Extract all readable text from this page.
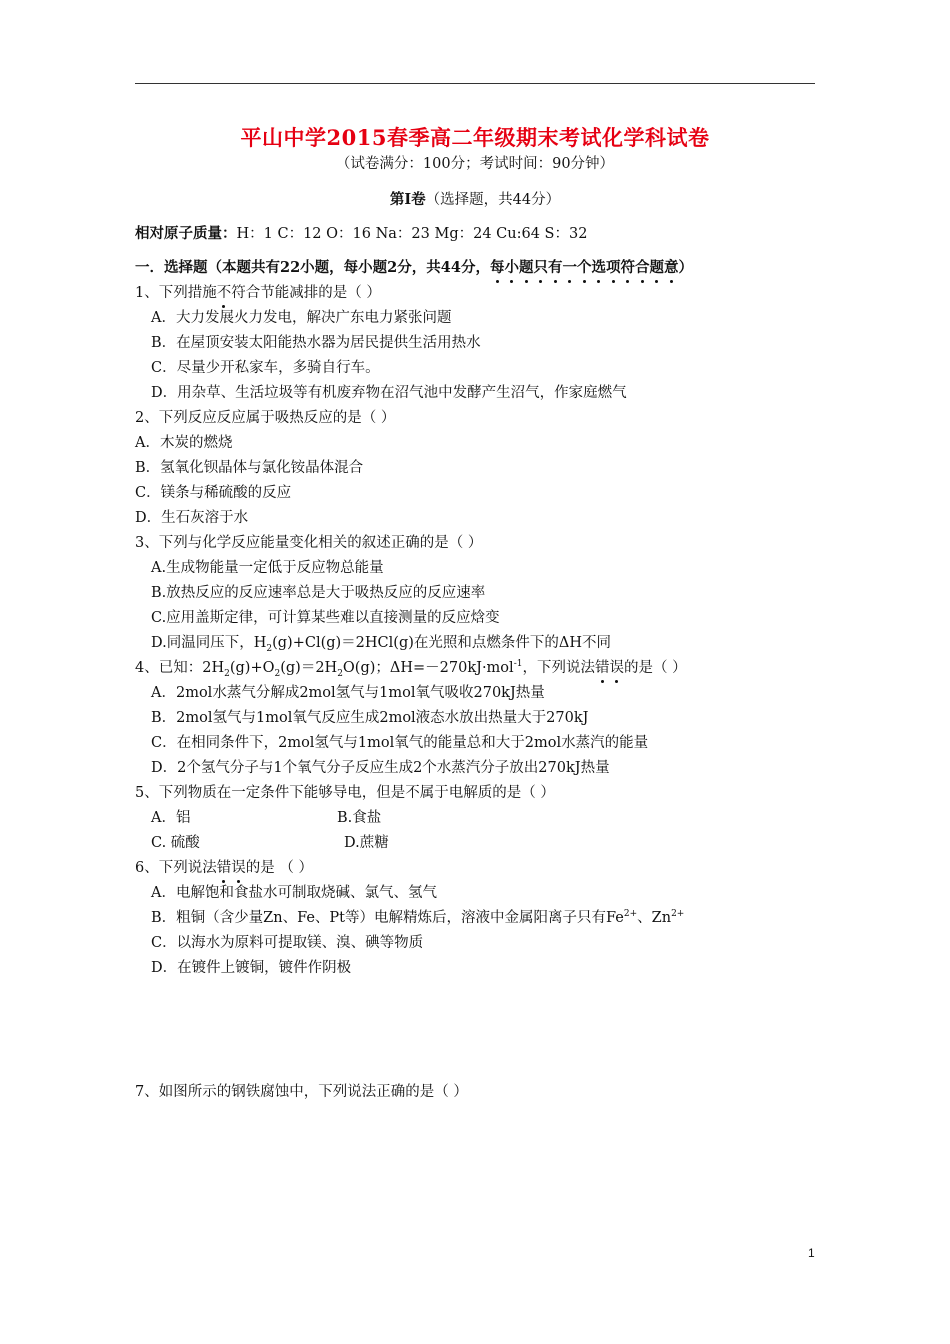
平山中学2015春季高二年级期末考试化学科试卷
（试卷满分：100分；考试时间：90分钟）
第Ⅰ卷（选择题，共44分）
相对原子质量：H：1 C：12 O：16 Na：23 Mg：24 Cu:64 S：32
一．选择题（本题共有22小题，每小题2分，共44分，每小题只有一个选项符合题意）
1、下列措施不符合节能减排的是（ ）
A．大力发展火力发电，解决广东电力紧张问题
B．在屋顶安装太阳能热水器为居民提供生活用热水
C．尽量少开私家车，多骑自行车。
D．用杂草、生活垃圾等有机废弃物在沼气池中发酵产生沼气，作家庭燃气
2、下列反应反应属于吸热反应的是（ ）
A．木炭的燃烧
B．氢氧化钡晶体与氯化铵晶体混合
C．镁条与稀硫酸的反应
D．生石灰溶于水
3、下列与化学反应能量变化相关的叙述正确的是（ ）
A.生成物能量一定低于反应物总能量
B.放热反应的反应速率总是大于吸热反应的反应速率
C.应用盖斯定律，可计算某些难以直接测量的反应焓变
D.同温同压下，$H_2(g)+Cl(g)=2HCl(g)$在光照和点燃条件下的ΔH不同
4、已知：$2H_2(g)+O_2(g)=2H_2O(g)$；ΔH=－270kJ·mol$^{-1}$，下列说法错误的是（ ）
A．2mol水蒸气分解成2mol氢气与1mol氧气吸收270kJ热量
B．2mol氢气与1mol氧气反应生成2mol液态水放出热量大于270kJ
C．在相同条件下，2mol氢气与1mol氧气的能量总和大于2mol水蒸汽的能量
D．2个氢气分子与1个氧气分子反应生成2个水蒸汽分子放出270kJ热量
5、下列物质在一定条件下能够导电，但是不属于电解质的是（ ）
A．铝	B.食盐
C. 硫酸	D.蔗糖
6、下列说法错误的是 （ ）
A．电解饱和食盐水可制取烧碱、氯气、氢气
B．粗铜（含少量Zn、Fe、Pt等）电解精炼后，溶液中金属阳离子只有$Fe^{2+}$、$Zn^{2+}$
C．以海水为原料可提取镁、溴、碘等物质
D．在镀件上镀铜，镀件作阴极
7、如图所示的钢铁腐蚀中，下列说法正确的是（ ）
1
